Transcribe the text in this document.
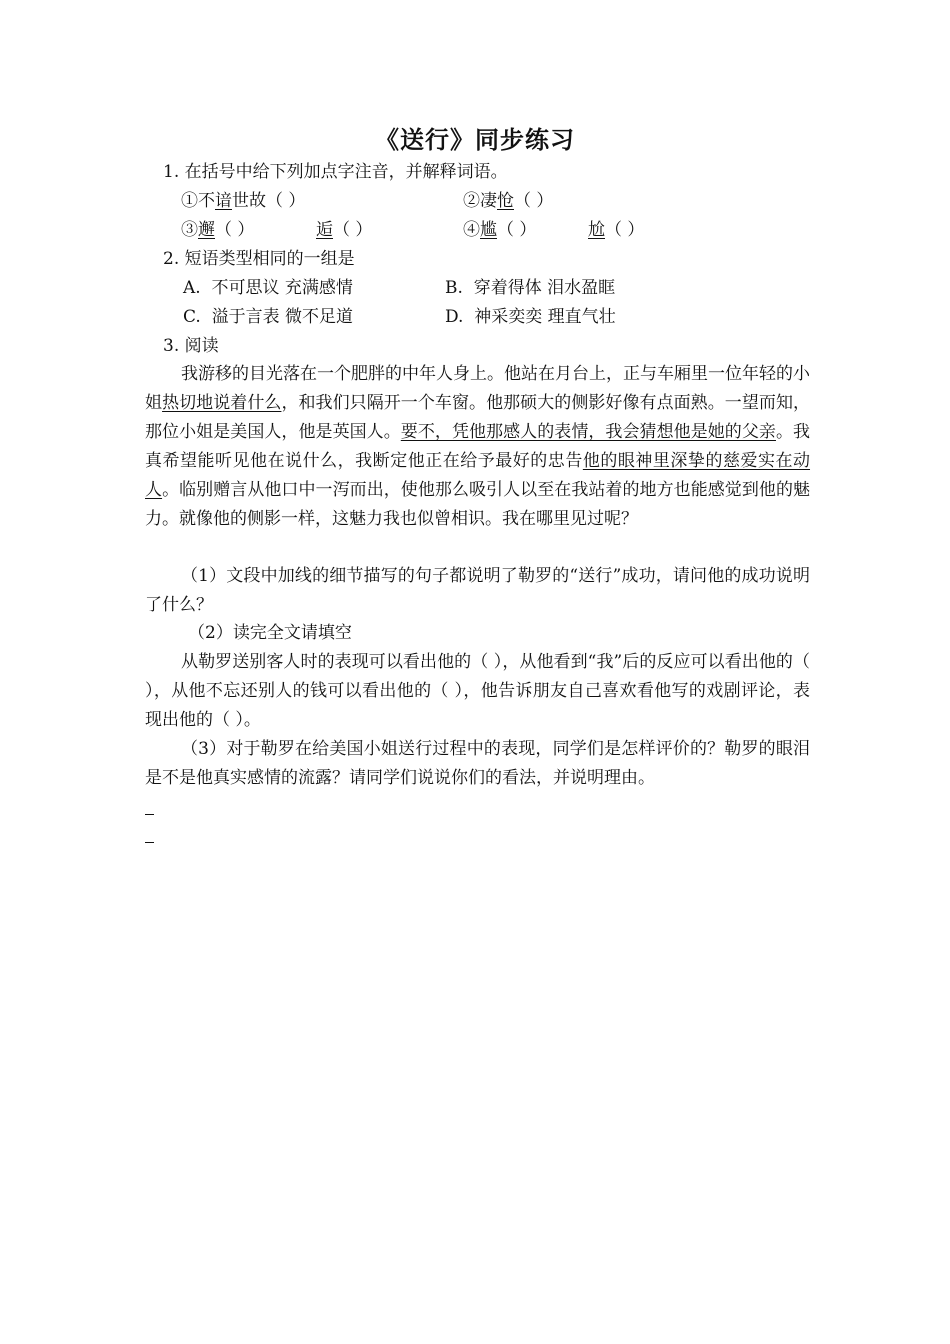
《送行》同步练习
1. 在括号中给下列加点字注音，并解释词语。
①不谙世故（ ）	②凄怆（ ）
③邂（ ）	逅（ ）	④尴（ ）	尬（ ）
2. 短语类型相同的一组是
A. 不可思议 充满感情	B. 穿着得体 泪水盈眶
C. 溢于言表 微不足道	D. 神采奕奕 理直气壮
3. 阅读
我游移的目光落在一个肥胖的中年人身上。他站在月台上，正与车厢里一位年轻的小姐热切地说着什么，和我们只隔开一个车窗。他那硕大的侧影好像有点面熟。一望而知，那位小姐是美国人，他是英国人。要不，凭他那感人的表情，我会猜想他是她的父亲。我真希望能听见他在说什么，我断定他正在给予最好的忠告他的眼神里深挚的慈爱实在动人。临别赠言从他口中一泻而出，使他那么吸引人以至在我站着的地方也能感觉到他的魅力。就像他的侧影一样，这魅力我也似曾相识。我在哪里见过呢？
（1）文段中加线的细节描写的句子都说明了勒罗的“送行”成功，请问他的成功说明了什么？
（2）读完全文请填空
从勒罗送别客人时的表现可以看出他的（ ），从他看到“我”后的反应可以看出他的（ ），从他不忘还别人的钱可以看出他的（ ），他告诉朋友自己喜欢看他写的戏剧评论，表现出他的（ ）。
（3）对于勒罗在给美国小姐送行过程中的表现，同学们是怎样评价的？勒罗的眼泪是不是他真实感情的流露？请同学们说说你们的看法，并说明理由。
